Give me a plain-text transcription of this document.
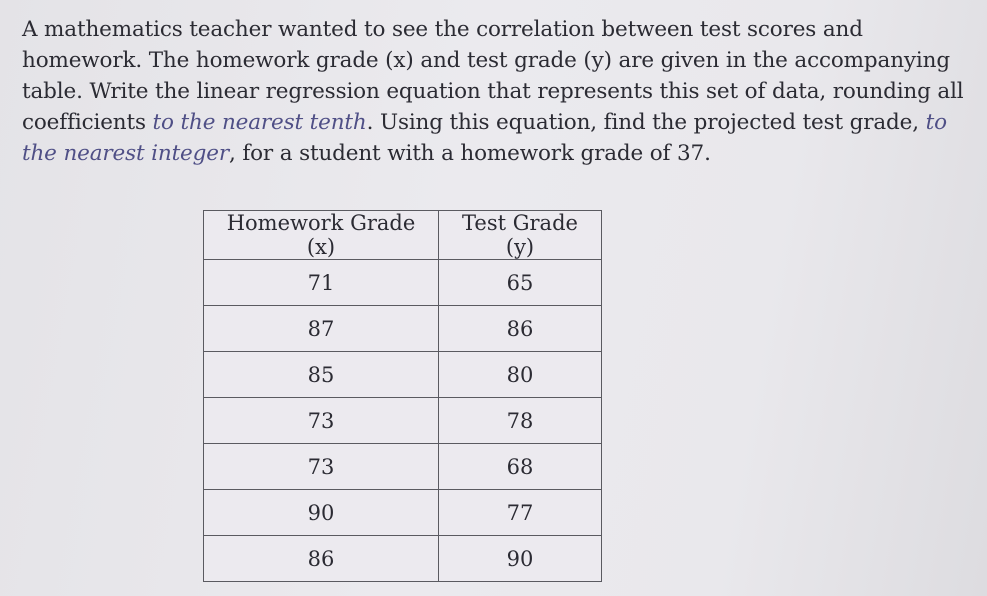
A mathematics teacher wanted to see the correlation between test scores and homework. The homework grade (x) and test grade (y) are given in the accompanying table. Write the linear regression equation that represents this set of data, rounding all coefficients to the nearest tenth. Using this equation, find the projected test grade, to the nearest integer, for a student with a homework grade of 37.

Homework Grade (x)	Test Grade (y)
71	65
87	86
85	80
73	78
73	68
90	77
86	90
